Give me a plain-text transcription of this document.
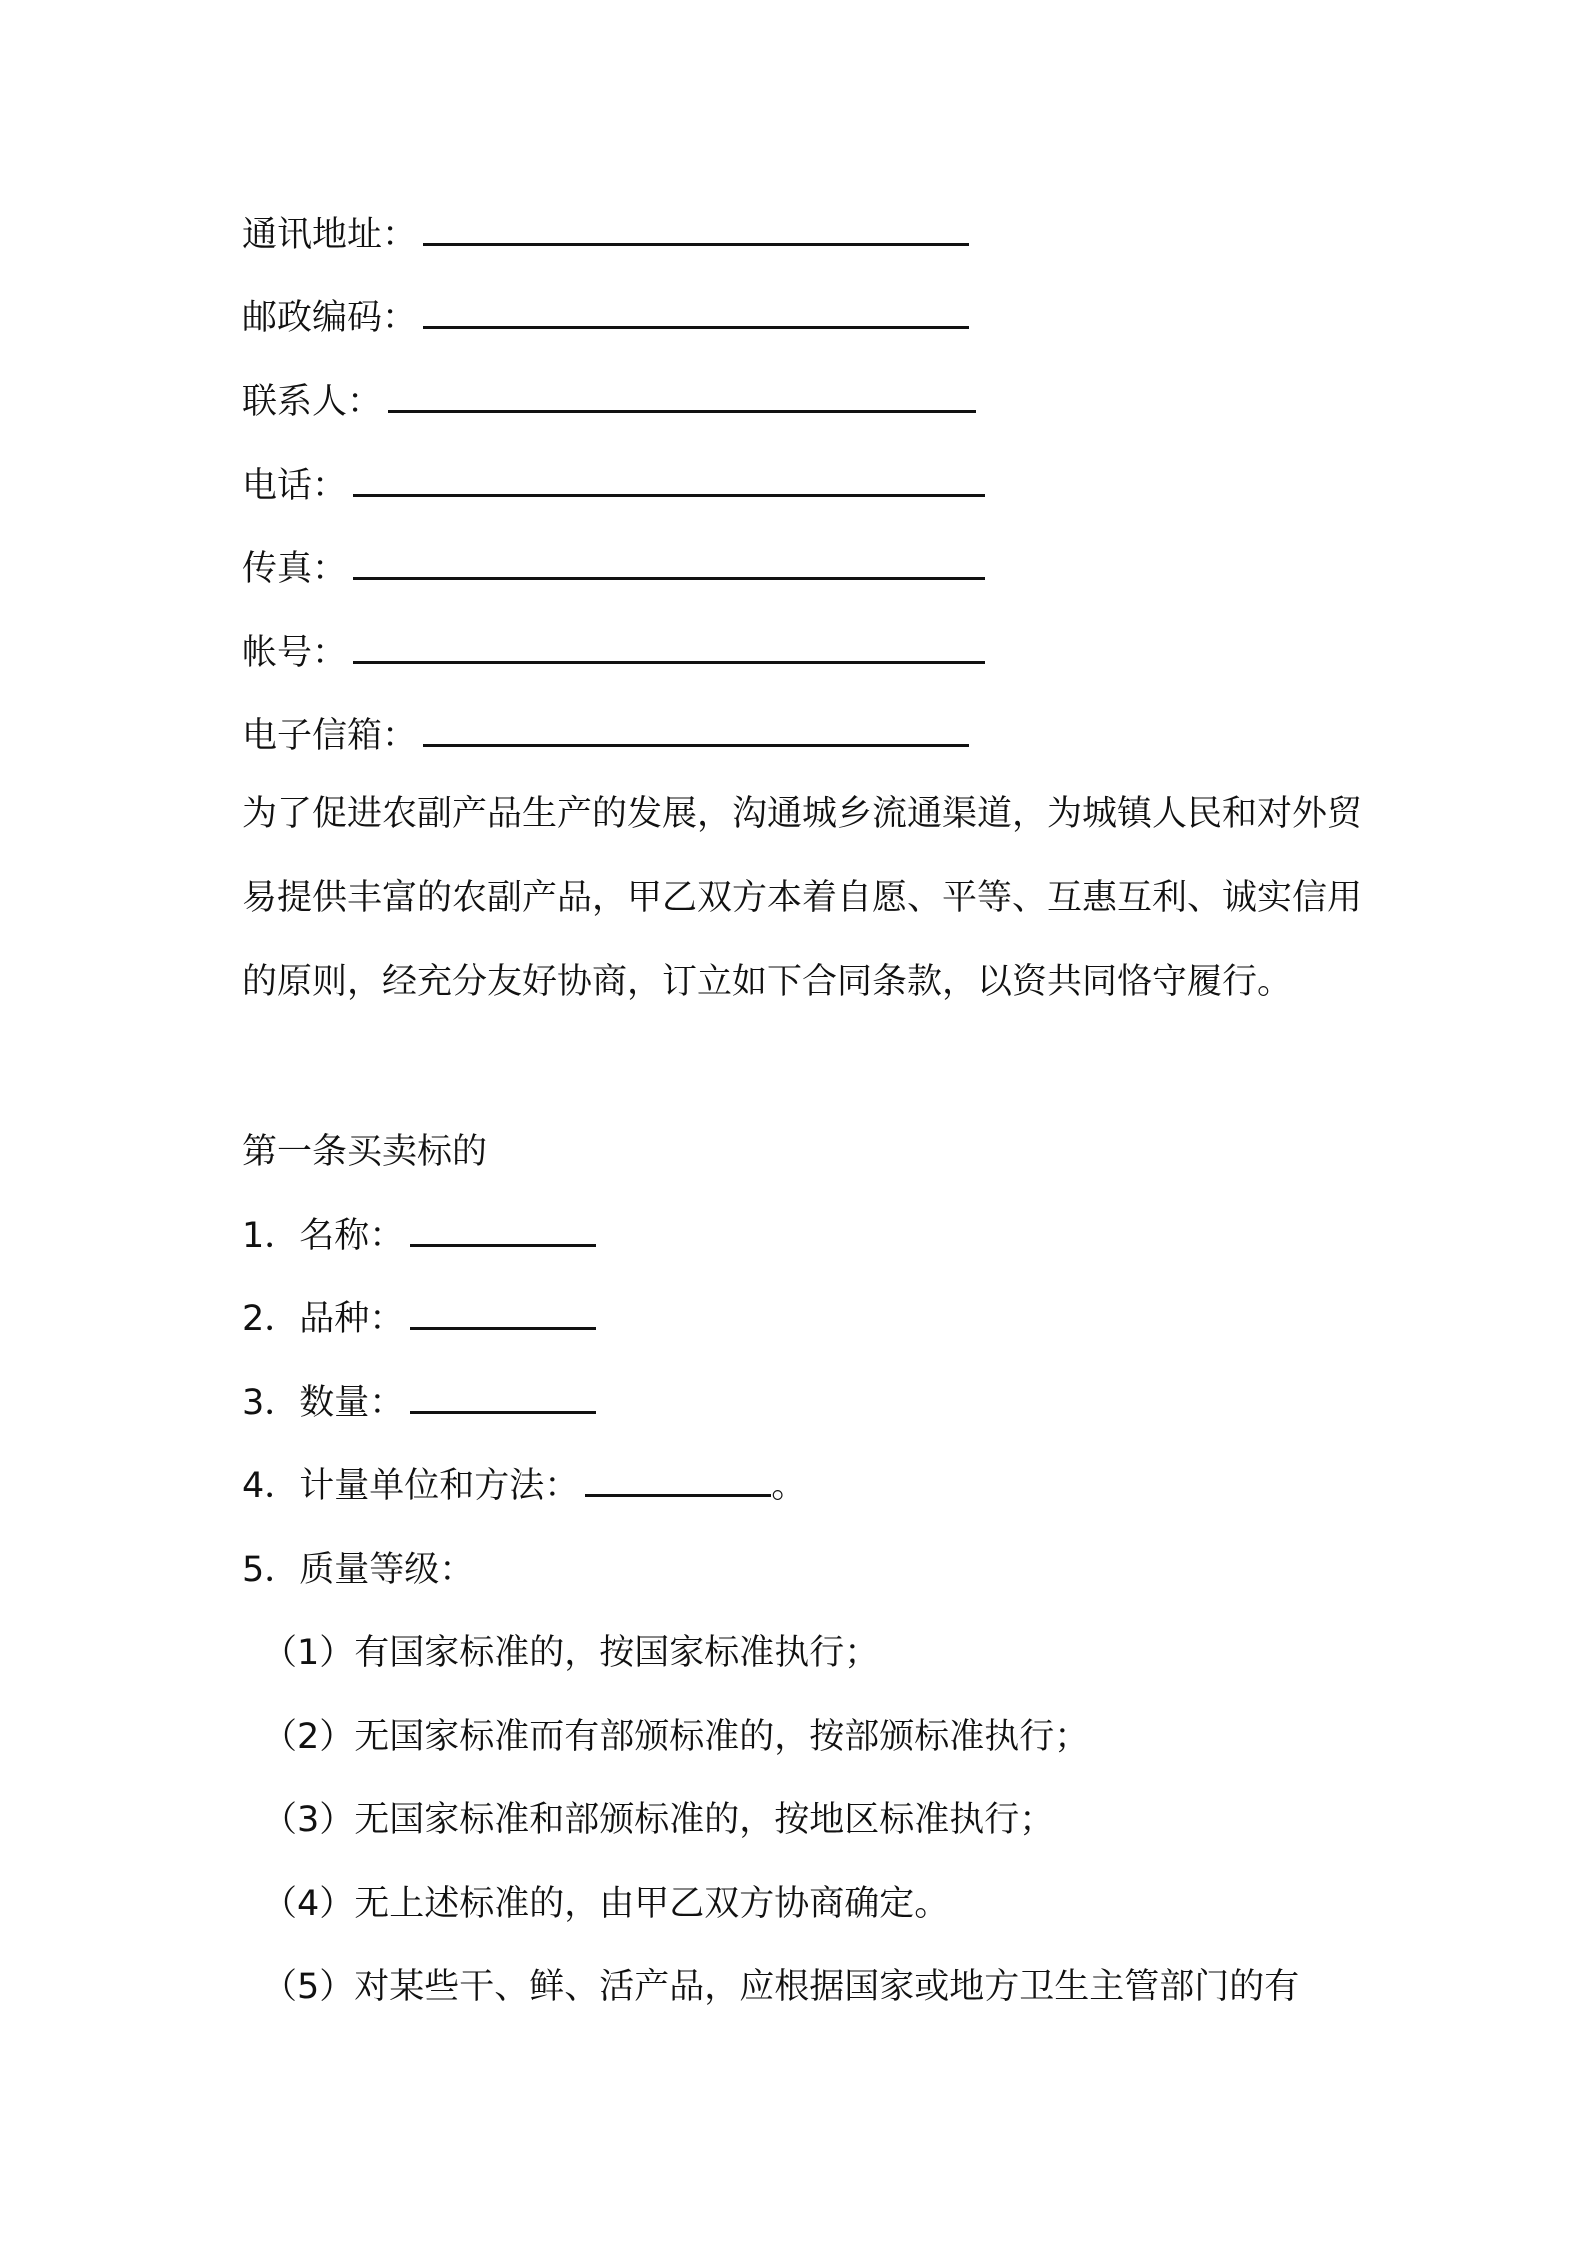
通讯地址：
邮政编码：
联系人：
电话：
传真：
帐号：
电子信箱：
为了促进农副产品生产的发展，沟通城乡流通渠道，为城镇人民和对外贸易提供丰富的农副产品，甲乙双方本着自愿、平等、互惠互利、诚实信用的原则，经充分友好协商，订立如下合同条款，以资共同恪守履行。
第一条买卖标的
1．名称：
2．品种：
3．数量：
4．计量单位和方法：	。
5．质量等级：
（1）有国家标准的，按国家标准执行；
（2）无国家标准而有部颁标准的，按部颁标准执行；
（3）无国家标准和部颁标准的，按地区标准执行；
（4）无上述标准的，由甲乙双方协商确定。
（5）对某些干、鲜、活产品，应根据国家或地方卫生主管部门的有
